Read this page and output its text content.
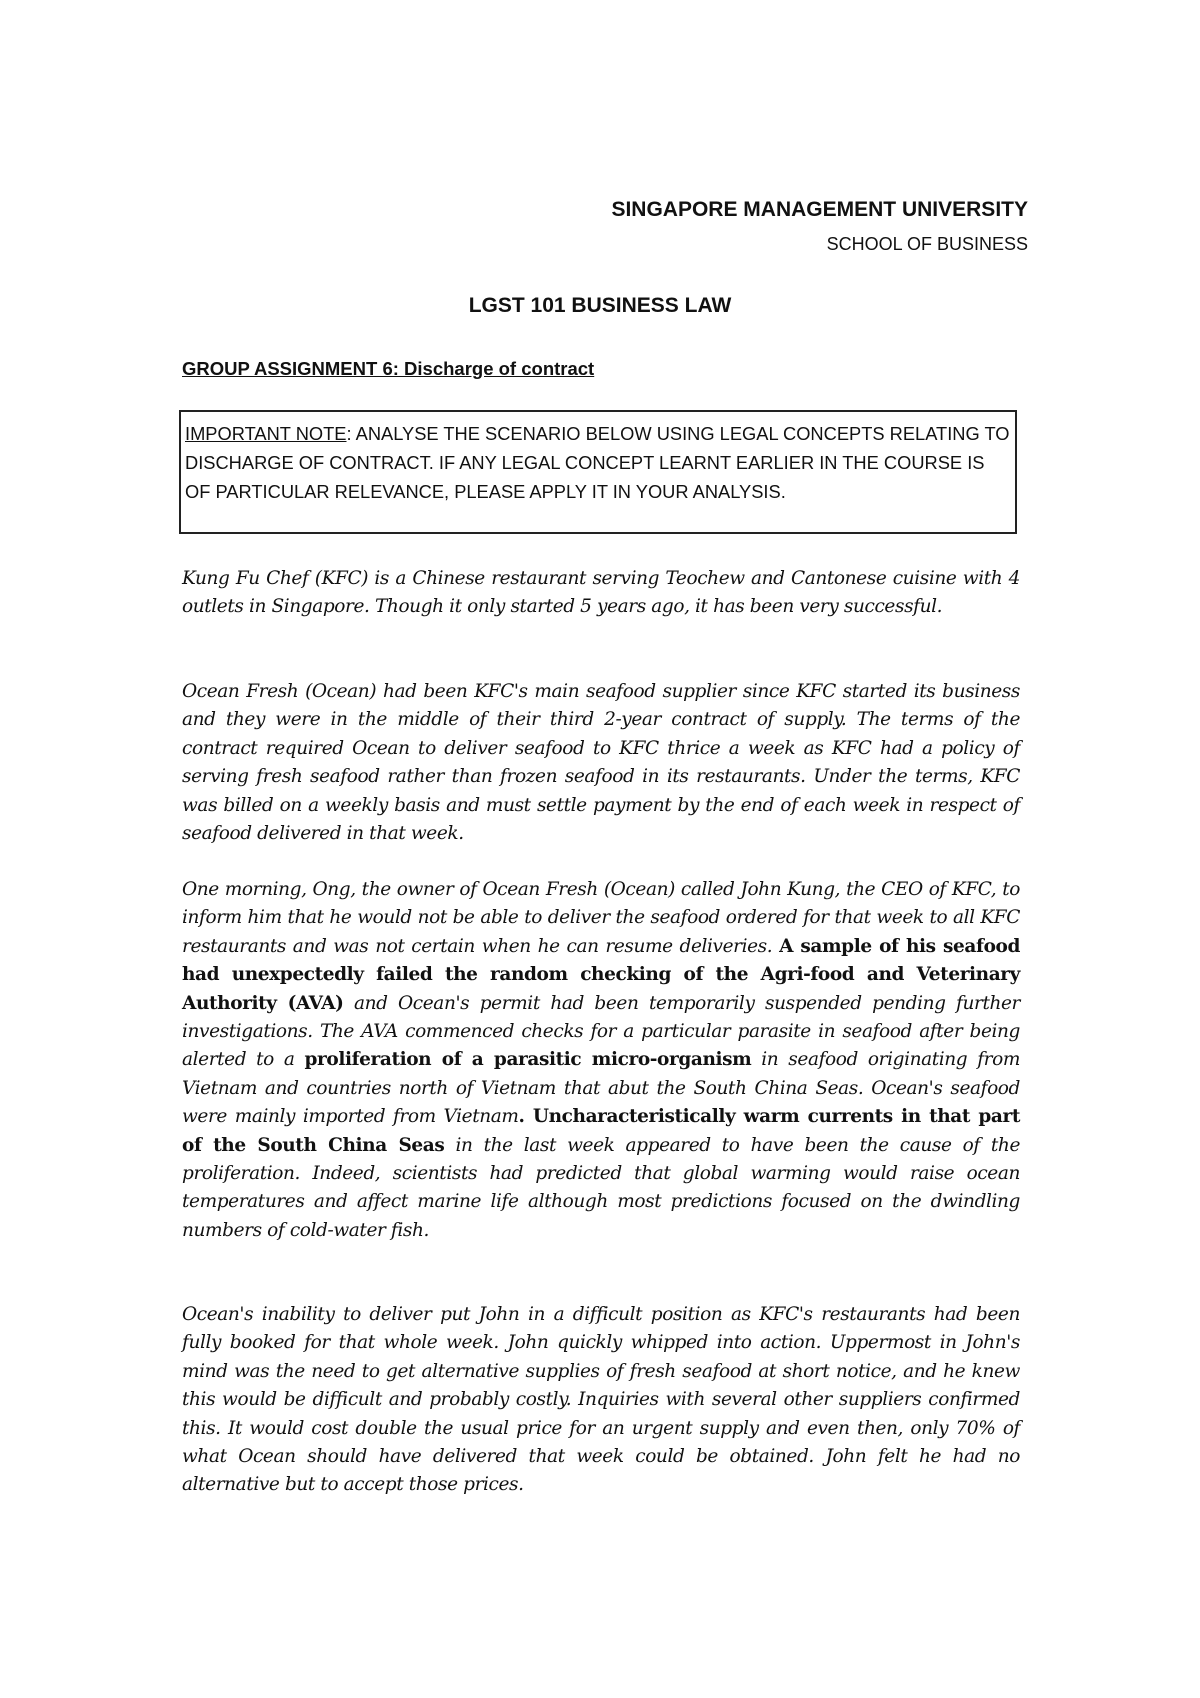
SINGAPORE MANAGEMENT UNIVERSITY
SCHOOL OF BUSINESS
LGST 101 BUSINESS LAW
GROUP ASSIGNMENT 6: Discharge of contract
IMPORTANT NOTE: ANALYSE THE SCENARIO BELOW USING LEGAL CONCEPTS RELATING TO DISCHARGE OF CONTRACT. IF ANY LEGAL CONCEPT LEARNT EARLIER IN THE COURSE IS OF PARTICULAR RELEVANCE, PLEASE APPLY IT IN YOUR ANALYSIS.

Kung Fu Chef (KFC) is a Chinese restaurant serving Teochew and Cantonese cuisine with 4 outlets in Singapore. Though it only started 5 years ago, it has been very successful.

Ocean Fresh (Ocean) had been KFC's main seafood supplier since KFC started its business and they were in the middle of their third 2-year contract of supply. The terms of the contract required Ocean to deliver seafood to KFC thrice a week as KFC had a policy of serving fresh seafood rather than frozen seafood in its restaurants. Under the terms, KFC was billed on a weekly basis and must settle payment by the end of each week in respect of seafood delivered in that week.

One morning, Ong, the owner of Ocean Fresh (Ocean) called John Kung, the CEO of KFC, to inform him that he would not be able to deliver the seafood ordered for that week to all KFC restaurants and was not certain when he can resume deliveries. A sample of his seafood had unexpectedly failed the random checking of the Agri-food and Veterinary Authority (AVA) and Ocean's permit had been temporarily suspended pending further investigations. The AVA commenced checks for a particular parasite in seafood after being alerted to a proliferation of a parasitic micro-organism in seafood originating from Vietnam and countries north of Vietnam that abut the South China Seas. Ocean's seafood were mainly imported from Vietnam. Uncharacteristically warm currents in that part of the South China Seas in the last week appeared to have been the cause of the proliferation. Indeed, scientists had predicted that global warming would raise ocean temperatures and affect marine life although most predictions focused on the dwindling numbers of cold-water fish.

Ocean's inability to deliver put John in a difficult position as KFC's restaurants had been fully booked for that whole week. John quickly whipped into action. Uppermost in John's mind was the need to get alternative supplies of fresh seafood at short notice, and he knew this would be difficult and probably costly. Inquiries with several other suppliers confirmed this. It would cost double the usual price for an urgent supply and even then, only 70% of what Ocean should have delivered that week could be obtained. John felt he had no alternative but to accept those prices.
